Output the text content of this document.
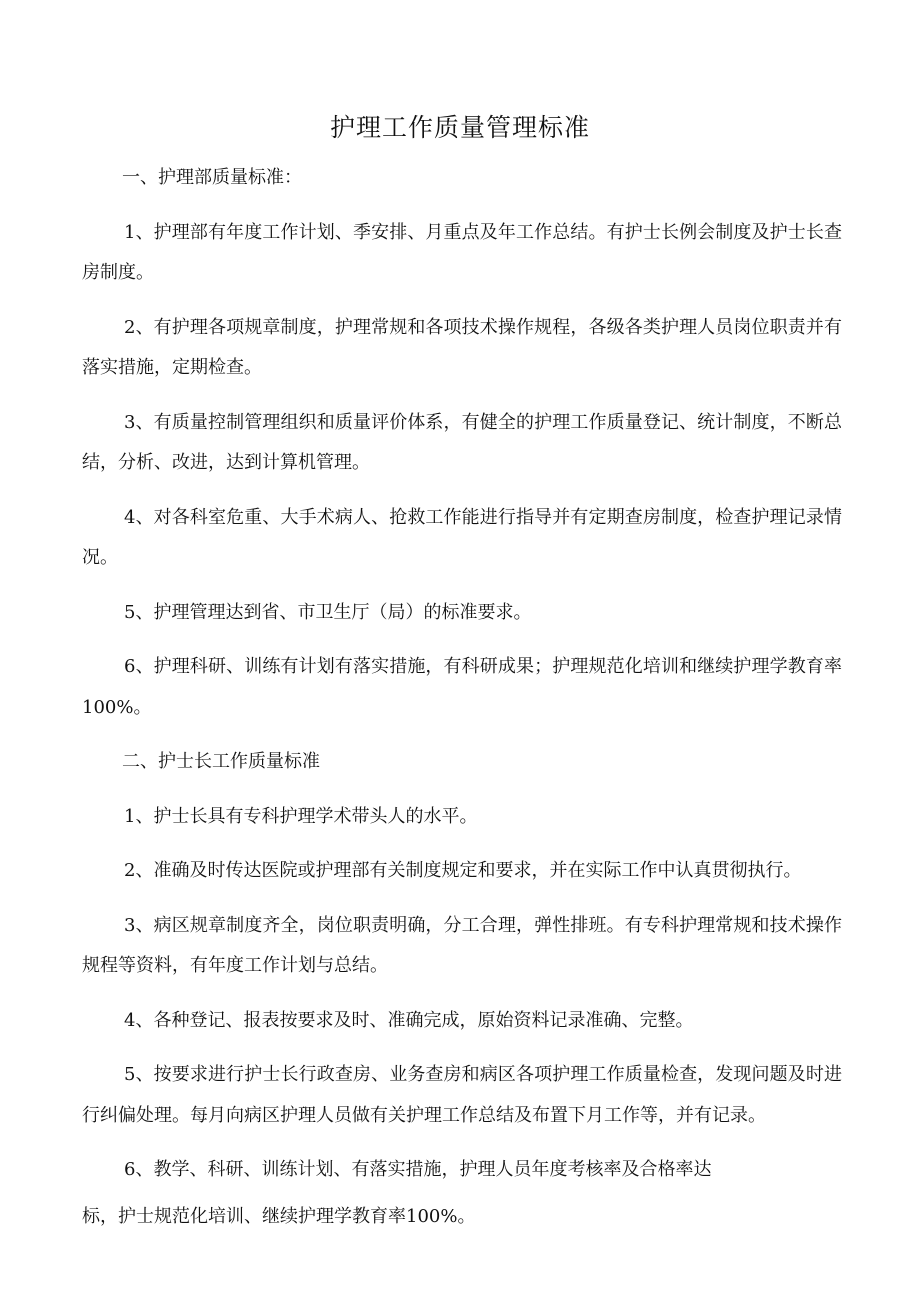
护理工作质量管理标准

一、护理部质量标准：

1、护理部有年度工作计划、季安排、月重点及年工作总结。有护士长例会制度及护士长查房制度。

2、有护理各项规章制度，护理常规和各项技术操作规程，各级各类护理人员岗位职责并有落实措施，定期检查。

3、有质量控制管理组织和质量评价体系，有健全的护理工作质量登记、统计制度，不断总结，分析、改进，达到计算机管理。

4、对各科室危重、大手术病人、抢救工作能进行指导并有定期查房制度，检查护理记录情况。

5、护理管理达到省、市卫生厅（局）的标准要求。

6、护理科研、训练有计划有落实措施，有科研成果；护理规范化培训和继续护理学教育率100%。

二、护士长工作质量标准

1、护士长具有专科护理学术带头人的水平。

2、准确及时传达医院或护理部有关制度规定和要求，并在实际工作中认真贯彻执行。

3、病区规章制度齐全，岗位职责明确，分工合理，弹性排班。有专科护理常规和技术操作规程等资料，有年度工作计划与总结。

4、各种登记、报表按要求及时、准确完成，原始资料记录准确、完整。

5、按要求进行护士长行政查房、业务查房和病区各项护理工作质量检查，发现问题及时进行纠偏处理。每月向病区护理人员做有关护理工作总结及布置下月工作等，并有记录。

6、教学、科研、训练计划、有落实措施，护理人员年度考核率及合格率达

标，护士规范化培训、继续护理学教育率100%。
